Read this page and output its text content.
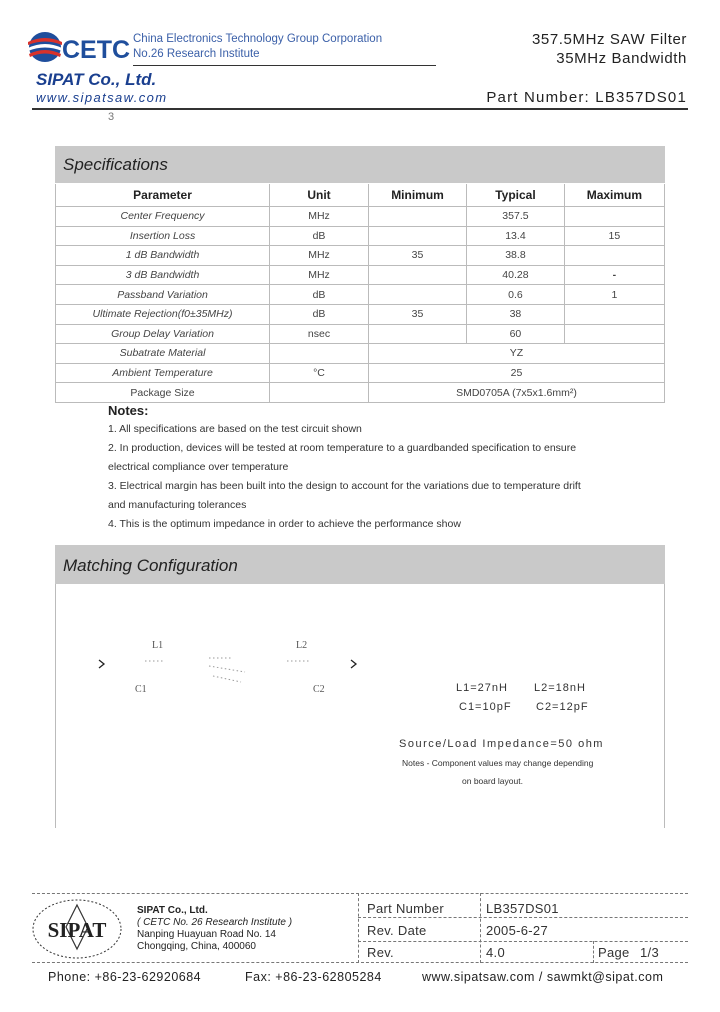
CETC China Electronics Technology Group Corporation
No.26 Research Institute
SIPAT Co., Ltd.
www.sipatsaw.com
357.5MHz SAW Filter
35MHz Bandwidth
Part Number: LB357DS01
3
Specifications
Parameter	Unit	Minimum	Typical	Maximum
Center Frequency	MHz		357.5	
Insertion Loss	dB		13.4	15
1 dB Bandwidth	MHz	35	38.8	
3 dB Bandwidth	MHz		40.28	-
Passband Variation	dB		0.6	1
Ultimate Rejection(f0±35MHz)	dB	35	38	
Group Delay Variation	nsec		60	
Subatrate Material		YZ		
Ambient Temperature	°C	25		
Package Size		SMD0705A (7x5x1.6mm²)		
Notes:
1. All specifications are based on the test circuit shown
2. In production, devices will be tested at room temperature to a guardbanded specification to ensure
electrical compliance over temperature
3. Electrical margin has been built into the design to account for the variations due to temperature drift
and manufacturing tolerances
4. This is the optimum impedance in order to achieve the performance show
Matching Configuration
L1	L2
C1	C2	L1=27nH L2=18nH
C1=10pF C2=12pF
Source/Load Impedance=50 ohm
Notes - Component values may change depending
on board layout.
SIPAT
SIPAT Co., Ltd.
( CETC No. 26 Research Institute )
Nanping Huayuan Road No. 14
Chongqing, China, 400060
Part Number	LB357DS01
Rev. Date	2005-6-27
Rev.	4.0	Page 1/3
Phone: +86-23-62920684	Fax: +86-23-62805284	www.sipatsaw.com / sawmkt@sipat.com
